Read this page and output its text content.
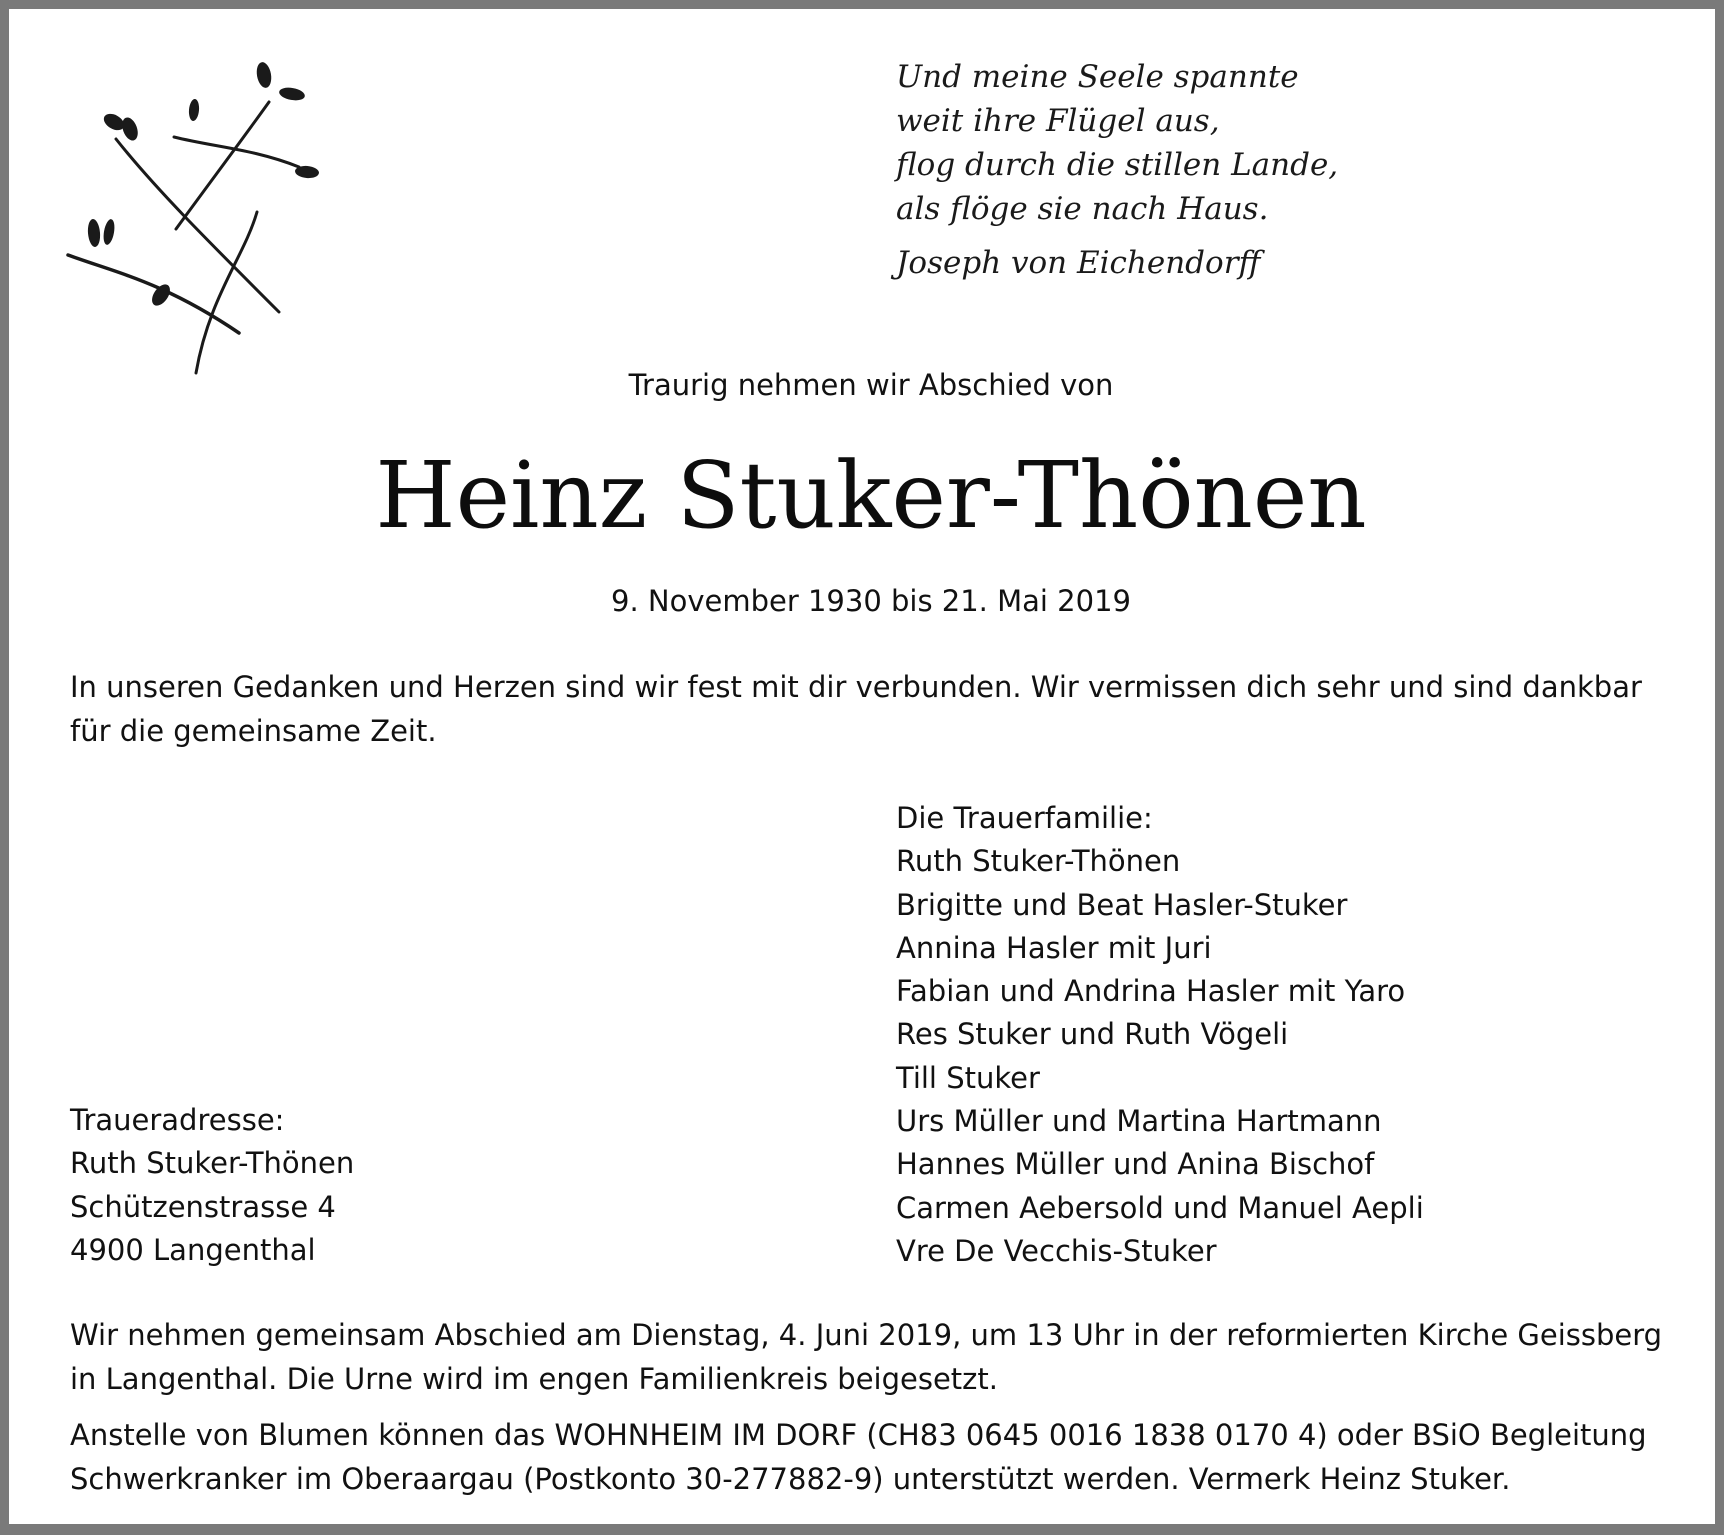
Und meine Seele spannte
weit ihre Flügel aus,
flog durch die stillen Lande,
als flöge sie nach Haus.
Joseph von Eichendorff
Traurig nehmen wir Abschied von
Heinz Stuker-Thönen
9. November 1930 bis 21. Mai 2019
In unseren Gedanken und Herzen sind wir fest mit dir verbunden. Wir vermissen dich sehr und sind dankbar für die gemeinsame Zeit.
Die Trauerfamilie:
Ruth Stuker-Thönen
Brigitte und Beat Hasler-Stuker
Annina Hasler mit Juri
Fabian und Andrina Hasler mit Yaro
Res Stuker und Ruth Vögeli
Till Stuker
Urs Müller und Martina Hartmann
Hannes Müller und Anina Bischof
Carmen Aebersold und Manuel Aepli
Vre De Vecchis-Stuker
Traueradresse:
Ruth Stuker-Thönen
Schützenstrasse 4
4900 Langenthal
Wir nehmen gemeinsam Abschied am Dienstag, 4. Juni 2019, um 13 Uhr in der reformierten Kirche Geissberg in Langenthal. Die Urne wird im engen Familienkreis beigesetzt.
Anstelle von Blumen können das WOHNHEIM IM DORF (CH83 0645 0016 1838 0170 4) oder BSiO Begleitung Schwerkranker im Oberaargau (Postkonto 30-277882-9) unterstützt werden. Vermerk Heinz Stuker.
